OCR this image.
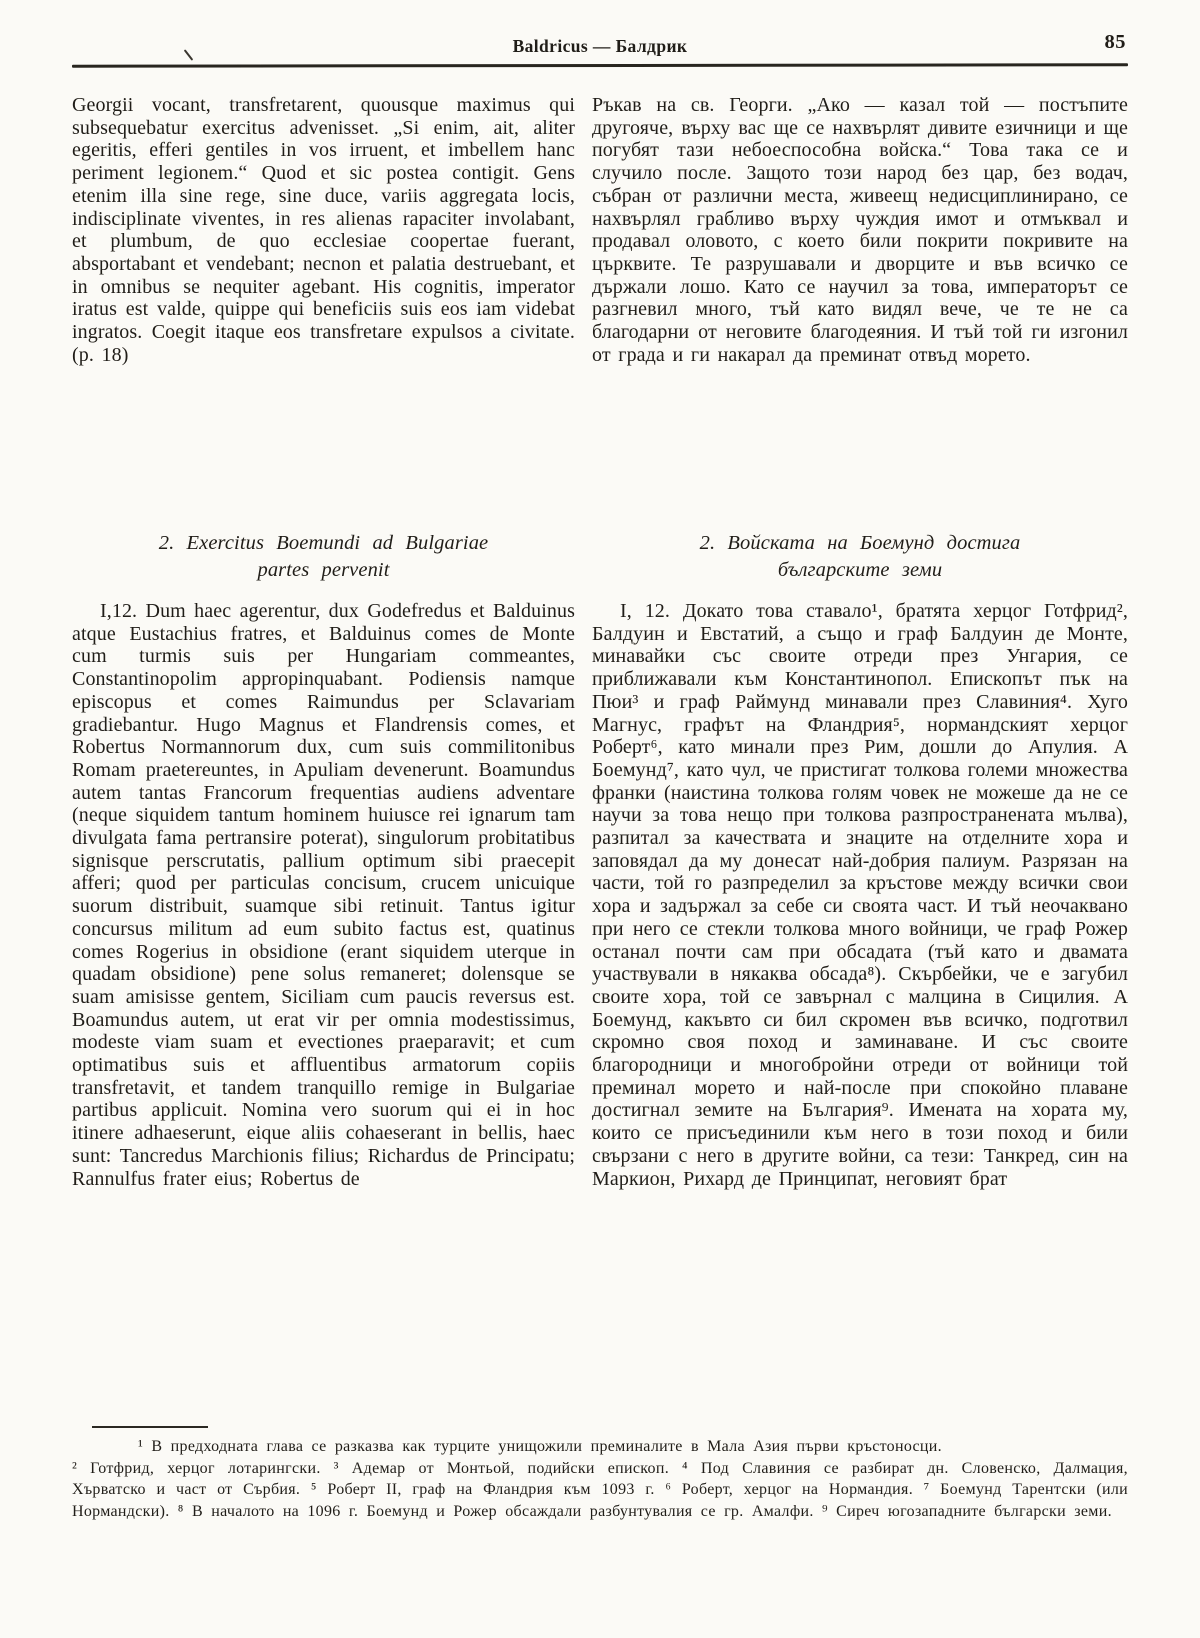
Baldricus — Балдрик	85

Georgii vocant, transfretarent, quousque maximus qui subsequebatur exercitus advenisset. „Si enim, ait, aliter egeritis, efferi gentiles in vos irruent, et imbellem hanc periment legionem.“ Quod et sic postea contigit. Gens etenim illa sine rege, sine duce, variis aggregata locis, indisciplinate viventes, in res alienas rapaciter involabant, et plumbum, de quo ecclesiae coopertae fuerant, absportabant et vendebant; necnon et palatia destruebant, et in omnibus se nequiter agebant. His cognitis, imperator iratus est valde, quippe qui beneficiis suis eos iam videbat ingratos. Coegit itaque eos transfretare expulsos a civitate. (p. 18)

2. Exercitus Boemundi ad Bulgariae
partes pervenit

I,12. Dum haec agerentur, dux Godefredus et Balduinus atque Eustachius fratres, et Balduinus comes de Monte cum turmis suis per Hungariam commeantes, Constantinopolim appropinquabant. Podiensis namque episcopus et comes Raimundus per Sclavariam gradiebantur. Hugo Magnus et Flandrensis comes, et Robertus Normannorum dux, cum suis commilitonibus Romam praetereuntes, in Apuliam devenerunt. Boamundus autem tantas Francorum frequentias audiens adventare (neque siquidem tantum hominem huiusce rei ignarum tam divulgata fama pertransire poterat), singulorum probitatibus signisque perscrutatis, pallium optimum sibi praecepit afferi; quod per particulas concisum, crucem unicuique suorum distribuit, suamque sibi retinuit. Tantus igitur concursus militum ad eum subito factus est, quatinus comes Rogerius in obsidione (erant siquidem uterque in quadam obsidione) pene solus remaneret; dolensque se suam amisisse gentem, Siciliam cum paucis reversus est. Boamundus autem, ut erat vir per omnia modestissimus, modeste viam suam et evectiones praeparavit; et cum optimatibus suis et affluentibus armatorum copiis transfretavit, et tandem tranquillo remige in Bulgariae partibus applicuit. Nomina vero suorum qui ei in hoc itinere adhaeserunt, eique aliis cohaeserant in bellis, haec sunt: Tancredus Marchionis filius; Richardus de Principatu; Rannulfus frater eius; Robertus de

Ръкав на св. Георги. „Ако — казал той — постъпите другояче, върху вас ще се нахвърлят дивите езичници и ще погубят тази небоеспособна войска.“ Това така се и случило после. Защото този народ без цар, без водач, събран от различни места, живеещ недисциплинирано, се нахвърлял грабливо върху чуждия имот и отмъквал и продавал оловото, с което били покрити покривите на църквите. Те разрушавали и дворците и във всичко се държали лошо. Като се научил за това, императорът се разгневил много, тъй като видял вече, че те не са благодарни от неговите благодеяния. И тъй той ги изгонил от града и ги накарал да преминат отвъд морето.

2. Войската на Боемунд достига
българските земи

I, 12. Докато това ставало¹, братята херцог Готфрид², Балдуин и Евстатий, а също и граф Балдуин де Монте, минавайки със своите отреди през Унгария, се приближавали към Константинопол. Епископът пък на Пюи³ и граф Раймунд минавали през Славиния⁴. Хуго Магнус, графът на Фландрия⁵, нормандският херцог Роберт⁶, като минали през Рим, дошли до Апулия. А Боемунд⁷, като чул, че пристигат толкова големи множества франки (наистина толкова голям човек не можеше да не се научи за това нещо при толкова разпространената мълва), разпитал за качествата и знаците на отделните хора и заповядал да му донесат най-добрия палиум. Разрязан на части, той го разпределил за кръстове между всички свои хора и задържал за себе си своята част. И тъй неочаквано при него се стекли толкова много войници, че граф Рожер останал почти сам при обсадата (тъй като и двамата участвували в някаква обсада⁸). Скърбейки, че е загубил своите хора, той се завърнал с малцина в Сицилия. А Боемунд, какъвто си бил скромен във всичко, подготвил скромно своя поход и заминаване. И със своите благородници и многобройни отреди от войници той преминал морето и най-после при спокойно плаване достигнал земите на България⁹. Имената на хората му, които се присъединили към него в този поход и били свързани с него в другите войни, са тези: Танкред, син на Маркион, Рихард де Принципат, неговият брат

¹ В предходната глава се разказва как турците унищожили преминалите в Мала Азия първи кръстоносци.

² Готфрид, херцог лотарингски. ³ Адемар от Монтьой, подийски епископ. ⁴ Под Славиния се разбират дн. Словенско, Далмация, Хърватско и част от Сърбия. ⁵ Роберт II, граф на Фландрия към 1093 г. ⁶ Роберт, херцог на Нормандия. ⁷ Боемунд Тарентски (или Нормандски). ⁸ В началото на 1096 г. Боемунд и Рожер обсаждали разбунтувалия се гр. Амалфи. ⁹ Сиреч югозападните български земи.
